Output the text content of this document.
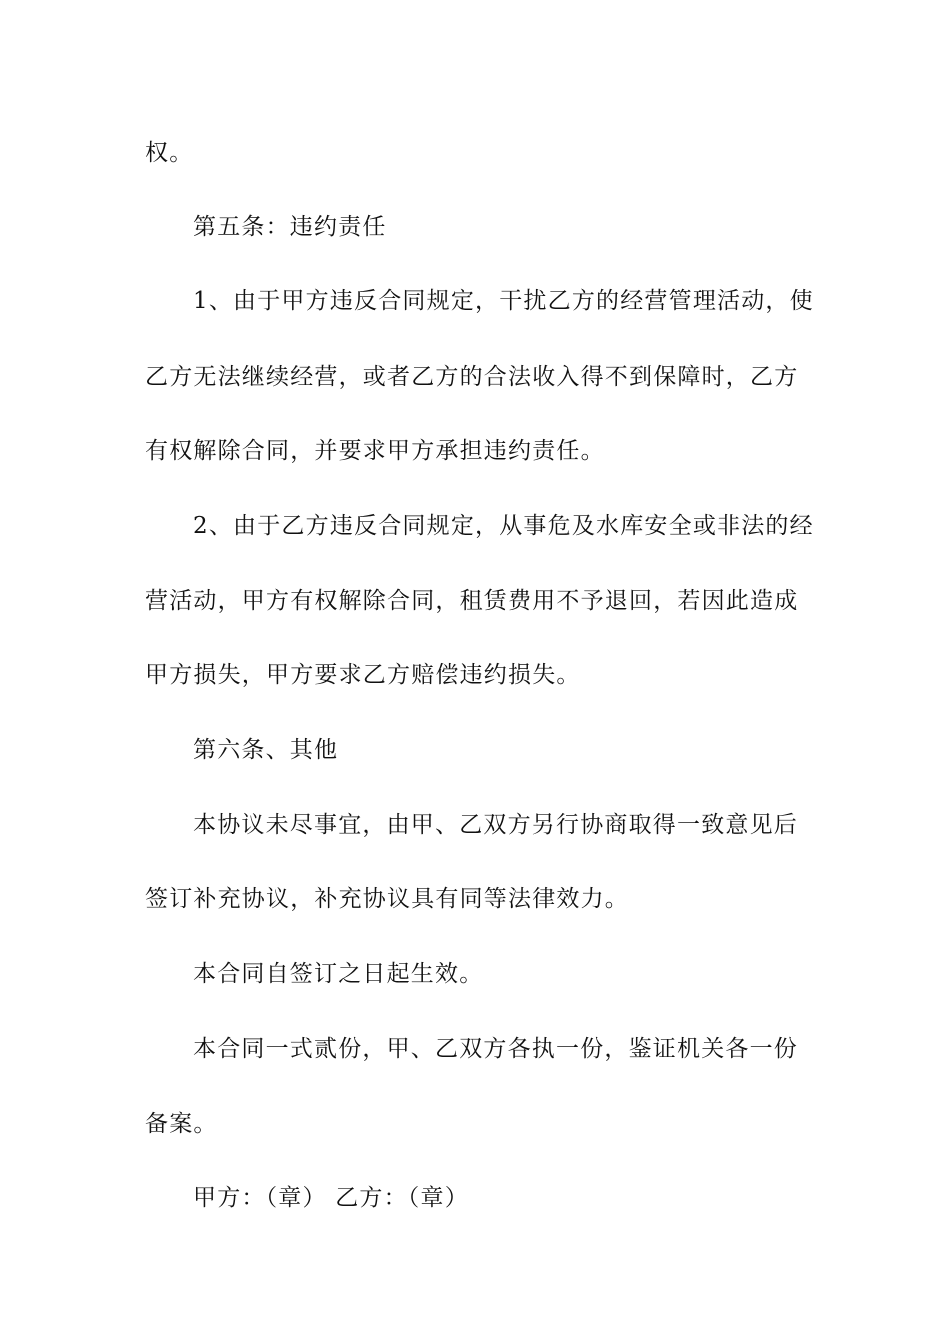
权。
第五条：违约责任
1、由于甲方违反合同规定，干扰乙方的经营管理活动，使
乙方无法继续经营，或者乙方的合法收入得不到保障时，乙方
有权解除合同，并要求甲方承担违约责任。
2、由于乙方违反合同规定，从事危及水库安全或非法的经
营活动，甲方有权解除合同，租赁费用不予退回，若因此造成
甲方损失，甲方要求乙方赔偿违约损失。
第六条、其他
本协议未尽事宜，由甲、乙双方另行协商取得一致意见后
签订补充协议，补充协议具有同等法律效力。
本合同自签订之日起生效。
本合同一式贰份，甲、乙双方各执一份，鉴证机关各一份
备案。
甲方：（章） 乙方：（章）
